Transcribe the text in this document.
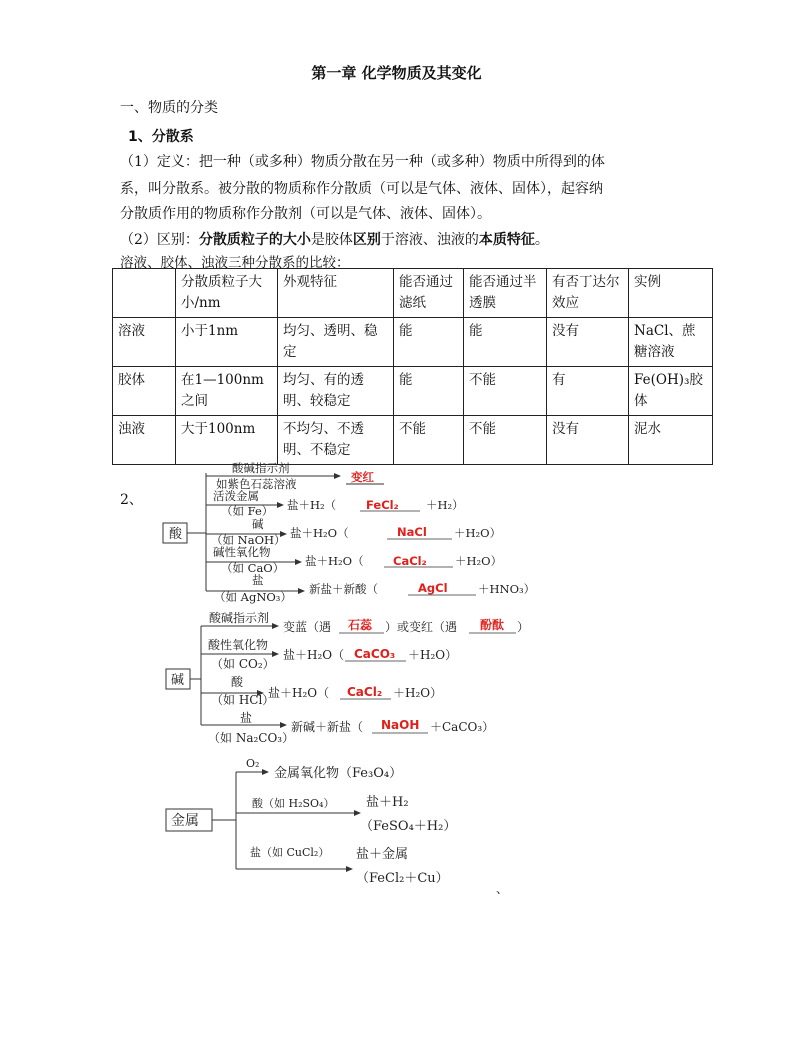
第一章 化学物质及其变化
一、物质的分类
1、分散系
（1）定义：把一种（或多种）物质分散在另一种（或多种）物质中所得到的体
系，叫分散系。被分散的物质称作分散质（可以是气体、液体、固体），起容纳
分散质作用的物质称作分散剂（可以是气体、液体、固体）。
（2）区别：分散质粒子的大小是胶体区别于溶液、浊液的本质特征。
溶液、胶体、浊液三种分散系的比较：
	分散质粒子大小/nm	外观特征	能否通过滤纸	能否通过半透膜	有否丁达尔效应	实例
溶液	小于1nm	均匀、透明、稳定	能	能	没有	NaCl、蔗糖溶液
胶体	在1—100nm之间	均匀、有的透明、较稳定	能	不能	有	Fe(OH)₃胶体
浊液	大于100nm	不均匀、不透明、不稳定	不能	不能	没有	泥水
2、
酸
酸碱指示剂
如紫色石蕊溶液	变红
活泼金属
（如 Fe） 盐＋H₂（	FeCl₂ ＋H₂）
碱
（如 NaOH） 盐＋H₂O（	NaCl ＋H₂O）
碱性氧化物
（如 CaO） 盐＋H₂O（	CaCl₂ ＋H₂O）
盐
（如 AgNO₃）
新盐＋新酸（	AgCl	＋HNO₃）
碱
酸碱指示剂
变蓝（遇 石蕊 ）或变红（遇 酚酞 ）
酸性氧化物
（如 CO₂）
盐＋H₂O（ CaCO₃ ＋H₂O）
酸
（如 HCl）
盐＋H₂O（ CaCl₂ ＋H₂O）
盐
（如 Na₂CO₃）
新碱＋新盐（ NaOH ＋CaCO₃）
金属
O₂
金属氧化物（Fe₃O₄）
酸（如 H₂SO₄） 盐＋H₂
（FeSO₄＋H₂）
盐（如 CuCl₂） 盐＋金属
（FeCl₂＋Cu）
、
